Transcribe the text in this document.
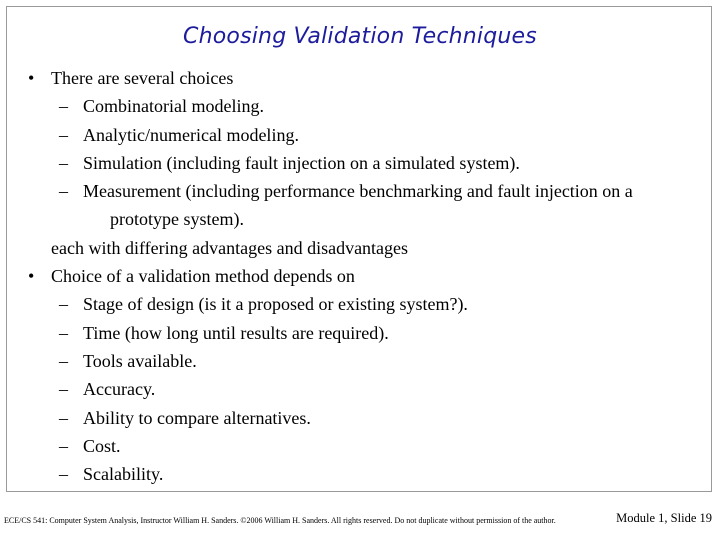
Choosing Validation Techniques
• There are several choices
– Combinatorial modeling.
– Analytic/numerical modeling.
– Simulation (including fault injection on a simulated system).
– Measurement (including performance benchmarking and fault injection on a
prototype system).
each with differing advantages and disadvantages
• Choice of a validation method depends on
– Stage of design (is it a proposed or existing system?).
– Time (how long until results are required).
– Tools available.
– Accuracy.
– Ability to compare alternatives.
– Cost.
– Scalability.
ECE/CS 541: Computer System Analysis, Instructor William H. Sanders. ©2006 William H. Sanders. All rights reserved. Do not duplicate without permission of the author.	Module 1, Slide 19
